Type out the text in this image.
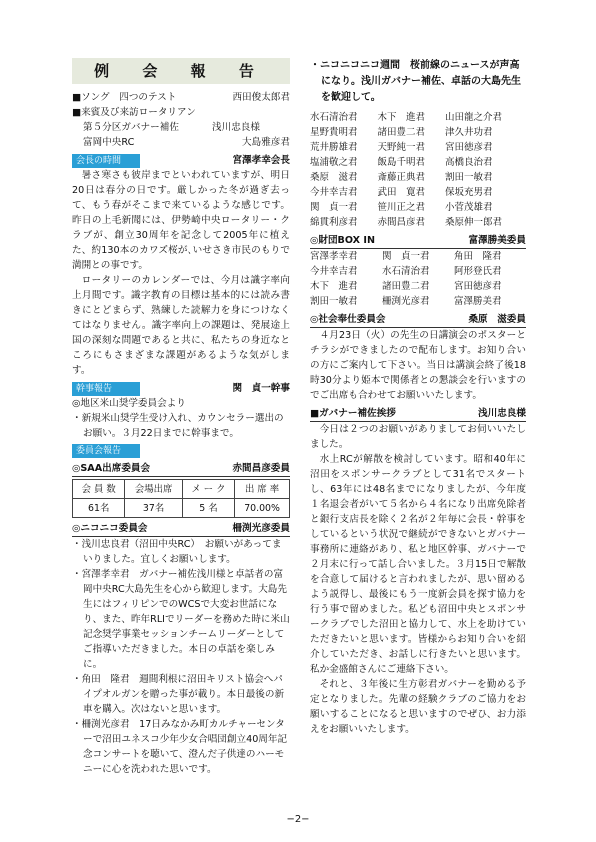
例 会 報 告
■ソング　四つのテスト	西田俊太郎君
■来賓及び来訪ロータリアン
第５分区ガバナー補佐	浅川忠良様
富岡中央RC	大島雅彦君
会長の時間	宮澤孝幸会長

暑さ寒さも彼岸までといわれていますが、明日20日は春分の日です。厳しかった冬が過ぎ去って、もう春がそこまで来ているような感じです。昨日の上毛新聞には、伊勢崎中央ロータリー・クラブが、創立30周年を記念して2005年に植えた、約130本のカワズ桜が､いせさき市民のもりで満開との事です。

ロータリーのカレンダーでは、今月は識字率向上月間です。識字教育の目標は基本的には読み書きにとどまらず、熟練した読解力を身につけなくてはなりません。識字率向上の課題は、発展途上国の深刻な問題であると共に、私たちの身近なところにもさまざまな課題があるような気がします。

幹事報告	関　貞一幹事
◎地区米山奨学委員会より
・新規米山奨学生受け入れ、カウンセラー選出のお願い。３月22日までに幹事まで。
委員会報告
◎SAA出席委員会	赤間昌彦委員
会 員 数	会場出席	メ ー ク	出 席 率
61名	37名	5 名	70.00%
◎ニコニコ委員会	柵渕光彦委員
・浅川忠良君（沼田中央RC）　お願いがあってまいりました。宜しくお願いします。
・宮澤孝幸君　ガバナー補佐浅川様と卓話者の富岡中央RC大島先生を心から歓迎します。大島先生にはフィリピンでのWCSで大変お世話になり、また、昨年RLIでリーダーを務めた時に米山記念奨学事業セッションチームリーダーとしてご指導いただきました。本日の卓話を楽しみに。
・角田　隆君　週間利根に沼田キリスト協会へパイプオルガンを贈った事が載り。本日最後の新車を購入。次はないと思います。
・柵渕光彦君　17日みなかみ町カルチャーセンターで沼田ユネスコ少年少女合唱団創立40周年記念コンサートを聴いて、澄んだ子供達のハーモニーに心を洗われた思いです。
・ニコニコニコ週間　桜前線のニュースが声高になり。浅川ガバナー補佐、卓話の大島先生を歓迎して。
水石清治君	木下　進君	山田龍之介君
星野貴明君	諸田豊二君	津久井功君
荒井勝雄君	天野純一君	宮田徳彦君
塩浦敬之君	飯島千明君	高橋良治君
桑原　滋君	斎藤正典君	割田一敏君
今井幸吉君	武田　寛君	保坂充男君
関　貞一君	笹川正之君	小菅茂雄君
綿貫利彦君	赤間昌彦君	桑原伸一郎君
◎財団BOX IN	富澤勝美委員
宮澤孝幸君	関　貞一君	角田　隆君
今井幸吉君	水石清治君	阿形登氏君
木下　進君	諸田豊二君	宮田徳彦君
割田一敏君	柵渕光彦君	富澤勝美君
◎社会奉仕委員会	桑原　滋委員

４月23日（火）の先生の日講演会のポスターとチラシができましたので配布します。お知り合いの方にご案内して下さい。当日は講演会終了後18時30分より姫本で関係者との懇談会を行いますのでご出席も合わせてお願いいたします。

■ガバナー補佐挨拶	浅川忠良様

今日は２つのお願いがありましてお伺いいたしました。

水上RCが解散を検討しています。昭和40年に沼田をスポンサークラブとして31名でスタートし、63年には48名までになりましたが、今年度１名退会者がいて５名から４名になり出席免除者と銀行支店長を除く２名が２年毎に会長・幹事をしているという状況で継続ができないとガバナー事務所に連絡があり、私と地区幹事、ガバナーで２月末に行って話し合いました。３月15日で解散を合意して届けると言われましたが、思い留めるよう説得し、最後にもう一度新会員を探す協力を行う事で留めました。私ども沼田中央とスポンサークラブでした沼田と協力して、水上を助けていただきたいと思います。皆様からお知り合いを紹介していただき、お話しに行きたいと思います。私か金盛館さんにご連絡下さい。

それと、３年後に生方彰君ガバナーを勤める予定となりました。先輩の経験クラブのご協力をお願いすることになると思いますのでぜひ、お力添えをお願いいたします。

−2−
